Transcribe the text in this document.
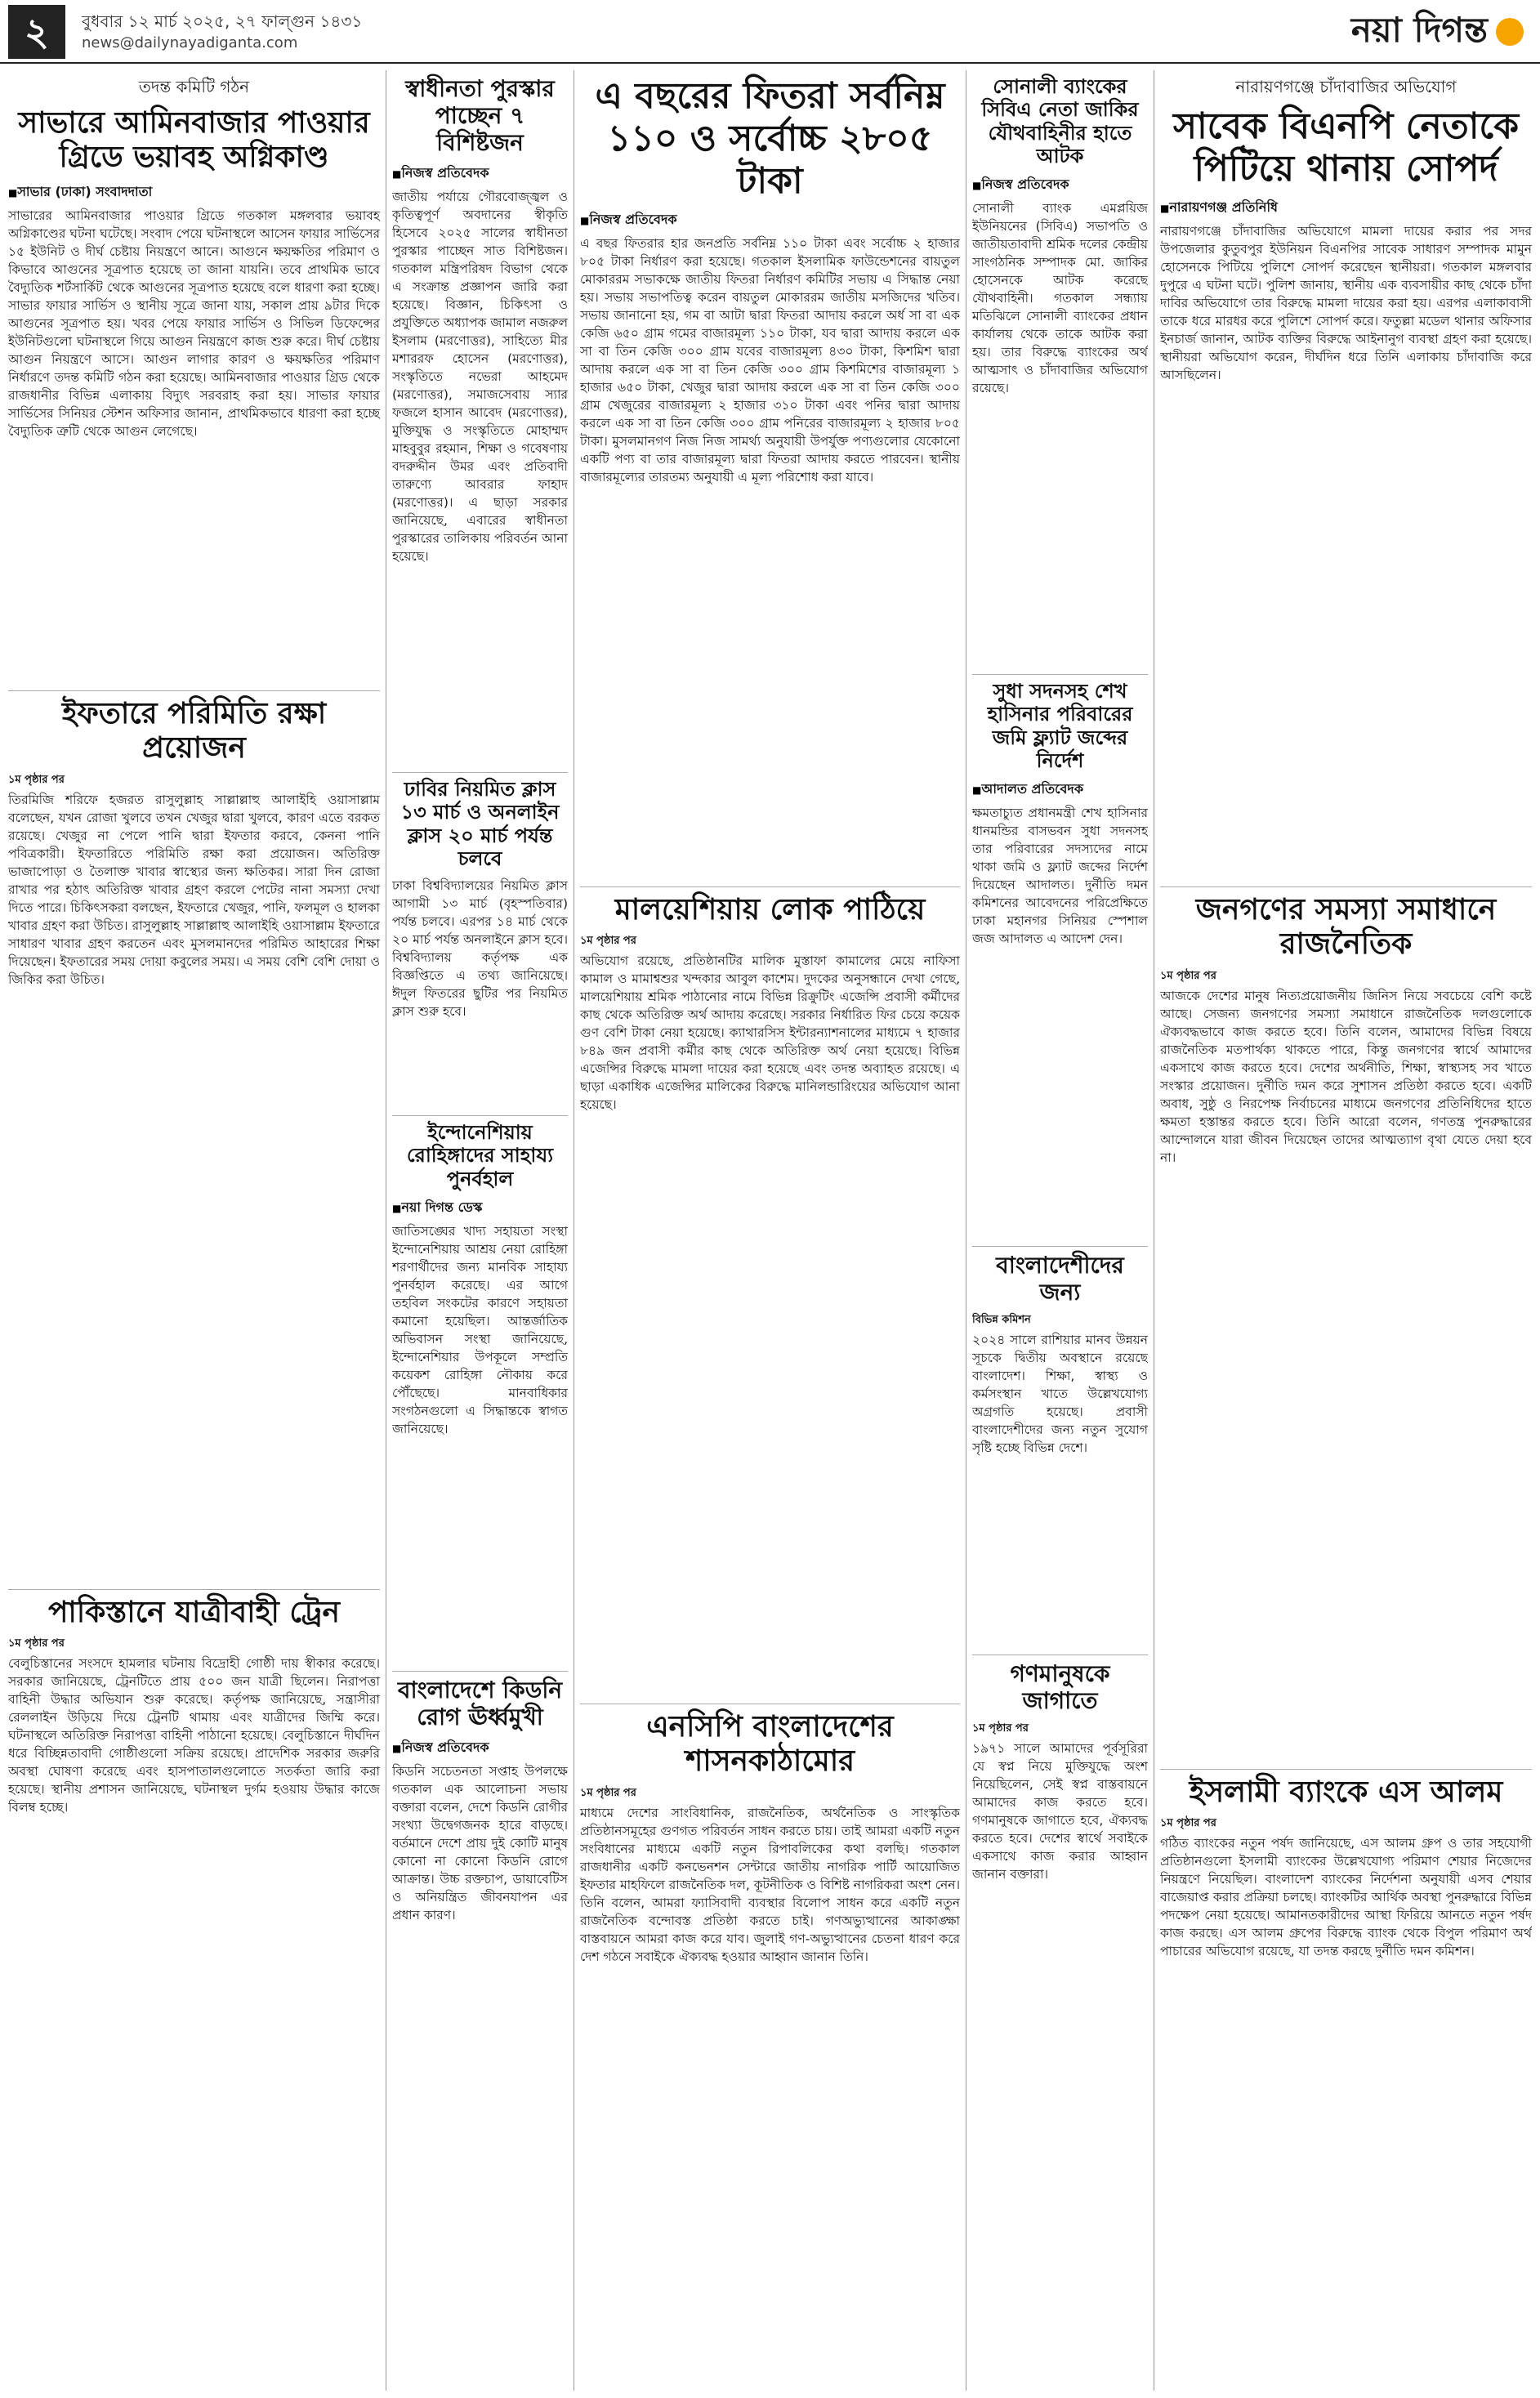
২	বুধবার ১২ মার্চ ২০২৫, ২৭ ফাল্গুন ১৪৩১
news@dailynayadiganta.com	নয়া দিগন্ত
তদন্ত কমিটি গঠন
সাভারে আমিনবাজার পাওয়ার গ্রিডে ভয়াবহ অগ্নিকাণ্ড
■ সাভার (ঢাকা) সংবাদদাতা
সাভারের আমিনবাজার পাওয়ার গ্রিডে গতকাল মঙ্গলবার ভয়াবহ অগ্নিকাণ্ডের ঘটনা ঘটেছে। সংবাদ পেয়ে ঘটনাস্থলে আসেন ফায়ার সার্ভিসের ১৫ ইউনিট ও দীর্ঘ চেষ্টায় নিয়ন্ত্রণে আনে। আগুনে ক্ষয়ক্ষতির পরিমাণ ও কিভাবে আগুনের সূত্রপাত হয়েছে তা জানা যায়নি। তবে প্রাথমিক ভাবে বৈদ্যুতিক শর্টসার্কিট থেকে আগুনের সূত্রপাত হয়েছে বলে ধারণা করা হচ্ছে। সাভার ফায়ার সার্ভিস ও স্থানীয় সূত্রে জানা যায়, সকাল প্রায় ৯টার দিকে আগুনের সূত্রপাত হয়। খবর পেয়ে ফায়ার সার্ভিস ও সিভিল ডিফেন্সের ইউনিটগুলো ঘটনাস্থলে গিয়ে আগুন নিয়ন্ত্রণে কাজ শুরু করে। দীর্ঘ চেষ্টায় আগুন নিয়ন্ত্রণে আসে। আগুন লাগার কারণ ও ক্ষয়ক্ষতির পরিমাণ নির্ধারণে তদন্ত কমিটি গঠন করা হয়েছে। আমিনবাজার পাওয়ার গ্রিড থেকে রাজধানীর বিভিন্ন এলাকায় বিদ্যুৎ সরবরাহ করা হয়। সাভার ফায়ার সার্ভিসের সিনিয়র স্টেশন অফিসার জানান, প্রাথমিকভাবে ধারণা করা হচ্ছে বৈদ্যুতিক ত্রুটি থেকে আগুন লেগেছে।
ইফতারে পরিমিতি রক্ষা প্রয়োজন
১ম পৃষ্ঠার পর
তিরমিজি শরিফে হজরত রাসুলুল্লাহ সাল্লাল্লাহু আলাইহি ওয়াসাল্লাম বলেছেন, যখন রোজা খুলবে তখন খেজুর দ্বারা খুলবে, কারণ এতে বরকত রয়েছে। খেজুর না পেলে পানি দ্বারা ইফতার করবে, কেননা পানি পবিত্রকারী। ইফতারিতে পরিমিতি রক্ষা করা প্রয়োজন। অতিরিক্ত ভাজাপোড়া ও তৈলাক্ত খাবার স্বাস্থ্যের জন্য ক্ষতিকর। সারা দিন রোজা রাখার পর হঠাৎ অতিরিক্ত খাবার গ্রহণ করলে পেটের নানা সমস্যা দেখা দিতে পারে। চিকিৎসকরা বলছেন, ইফতারে খেজুর, পানি, ফলমূল ও হালকা খাবার গ্রহণ করা উচিত। রাসুলুল্লাহ সাল্লাল্লাহু আলাইহি ওয়াসাল্লাম ইফতারে সাধারণ খাবার গ্রহণ করতেন এবং মুসলমানদের পরিমিত আহারের শিক্ষা দিয়েছেন। ইফতারের সময় দোয়া কবুলের সময়। এ সময় বেশি বেশি দোয়া ও জিকির করা উচিত।
পাকিস্তানে যাত্রীবাহী ট্রেন
১ম পৃষ্ঠার পর
বেলুচিস্তানের সংসদে হামলার ঘটনায় বিদ্রোহী গোষ্ঠী দায় স্বীকার করেছে। সরকার জানিয়েছে, ট্রেনটিতে প্রায় ৫০০ জন যাত্রী ছিলেন। নিরাপত্তা বাহিনী উদ্ধার অভিযান শুরু করেছে। কর্তৃপক্ষ জানিয়েছে, সন্ত্রাসীরা রেললাইন উড়িয়ে দিয়ে ট্রেনটি থামায় এবং যাত্রীদের জিম্মি করে। ঘটনাস্থলে অতিরিক্ত নিরাপত্তা বাহিনী পাঠানো হয়েছে। বেলুচিস্তানে দীর্ঘদিন ধরে বিচ্ছিন্নতাবাদী গোষ্ঠীগুলো সক্রিয় রয়েছে। প্রাদেশিক সরকার জরুরি অবস্থা ঘোষণা করেছে এবং হাসপাতালগুলোতে সতর্কতা জারি করা হয়েছে। স্থানীয় প্রশাসন জানিয়েছে, ঘটনাস্থল দুর্গম হওয়ায় উদ্ধার কাজে বিলম্ব হচ্ছে।
স্বাধীনতা পুরস্কার পাচ্ছেন ৭ বিশিষ্টজন
■ নিজস্ব প্রতিবেদক
জাতীয় পর্যায়ে গৌরবোজ্জ্বল ও কৃতিত্বপূর্ণ অবদানের স্বীকৃতি হিসেবে ২০২৫ সালের স্বাধীনতা পুরস্কার পাচ্ছেন সাত বিশিষ্টজন। গতকাল মন্ত্রিপরিষদ বিভাগ থেকে এ সংক্রান্ত প্রজ্ঞাপন জারি করা হয়েছে। বিজ্ঞান, চিকিৎসা ও প্রযুক্তিতে অধ্যাপক জামাল নজরুল ইসলাম (মরণোত্তর), সাহিত্যে মীর মশাররফ হোসেন (মরণোত্তর), সংস্কৃতিতে নভেরা আহমেদ (মরণোত্তর), সমাজসেবায় স্যার ফজলে হাসান আবেদ (মরণোত্তর), মুক্তিযুদ্ধ ও সংস্কৃতিতে মোহাম্মদ মাহবুবুর রহমান, শিক্ষা ও গবেষণায় বদরুদ্দীন উমর এবং প্রতিবাদী তারুণ্যে আবরার ফাহাদ (মরণোত্তর)। এ ছাড়া সরকার জানিয়েছে, এবারের স্বাধীনতা পুরস্কারের তালিকায় পরিবর্তন আনা হয়েছে।
ঢাবির নিয়মিত ক্লাস ১৩ মার্চ ও অনলাইন ক্লাস ২০ মার্চ পর্যন্ত চলবে
ঢাকা বিশ্ববিদ্যালয়ের নিয়মিত ক্লাস আগামী ১৩ মার্চ (বৃহস্পতিবার) পর্যন্ত চলবে। এরপর ১৪ মার্চ থেকে ২০ মার্চ পর্যন্ত অনলাইনে ক্লাস হবে। বিশ্ববিদ্যালয় কর্তৃপক্ষ এক বিজ্ঞপ্তিতে এ তথ্য জানিয়েছে। ঈদুল ফিতরের ছুটির পর নিয়মিত ক্লাস শুরু হবে।
ইন্দোনেশিয়ায় রোহিঙ্গাদের সাহায্য পুনর্বহাল
■ নয়া দিগন্ত ডেস্ক
জাতিসঙ্ঘের খাদ্য সহায়তা সংস্থা ইন্দোনেশিয়ায় আশ্রয় নেয়া রোহিঙ্গা শরণার্থীদের জন্য মানবিক সাহায্য পুনর্বহাল করেছে। এর আগে তহবিল সংকটের কারণে সহায়তা কমানো হয়েছিল। আন্তর্জাতিক অভিবাসন সংস্থা জানিয়েছে, ইন্দোনেশিয়ার উপকূলে সম্প্রতি কয়েকশ রোহিঙ্গা নৌকায় করে পৌঁছেছে। মানবাধিকার সংগঠনগুলো এ সিদ্ধান্তকে স্বাগত জানিয়েছে।
বাংলাদেশে কিডনি রোগ ঊর্ধ্বমুখী
■ নিজস্ব প্রতিবেদক
কিডনি সচেতনতা সপ্তাহ উপলক্ষে গতকাল এক আলোচনা সভায় বক্তারা বলেন, দেশে কিডনি রোগীর সংখ্যা উদ্বেগজনক হারে বাড়ছে। বর্তমানে দেশে প্রায় দুই কোটি মানুষ কোনো না কোনো কিডনি রোগে আক্রান্ত। উচ্চ রক্তচাপ, ডায়াবেটিস ও অনিয়ন্ত্রিত জীবনযাপন এর প্রধান কারণ।
এ বছরের ফিতরা সর্বনিম্ন ১১০ ও সর্বোচ্চ ২৮০৫ টাকা
■ নিজস্ব প্রতিবেদক
এ বছর ফিতরার হার জনপ্রতি সর্বনিম্ন ১১০ টাকা এবং সর্বোচ্চ ২ হাজার ৮০৫ টাকা নির্ধারণ করা হয়েছে। গতকাল ইসলামিক ফাউন্ডেশনের বায়তুল মোকাররম সভাকক্ষে জাতীয় ফিতরা নির্ধারণ কমিটির সভায় এ সিদ্ধান্ত নেয়া হয়। সভায় সভাপতিত্ব করেন বায়তুল মোকাররম জাতীয় মসজিদের খতিব। সভায় জানানো হয়, গম বা আটা দ্বারা ফিতরা আদায় করলে অর্ধ সা বা এক কেজি ৬৫০ গ্রাম গমের বাজারমূল্য ১১০ টাকা, যব দ্বারা আদায় করলে এক সা বা তিন কেজি ৩০০ গ্রাম যবের বাজারমূল্য ৪৩০ টাকা, কিশমিশ দ্বারা আদায় করলে এক সা বা তিন কেজি ৩০০ গ্রাম কিশমিশের বাজারমূল্য ১ হাজার ৬৫০ টাকা, খেজুর দ্বারা আদায় করলে এক সা বা তিন কেজি ৩০০ গ্রাম খেজুরের বাজারমূল্য ২ হাজার ৩১০ টাকা এবং পনির দ্বারা আদায় করলে এক সা বা তিন কেজি ৩০০ গ্রাম পনিরের বাজারমূল্য ২ হাজার ৮০৫ টাকা। মুসলমানগণ নিজ নিজ সামর্থ্য অনুযায়ী উপর্যুক্ত পণ্যগুলোর যেকোনো একটি পণ্য বা তার বাজারমূল্য দ্বারা ফিতরা আদায় করতে পারবেন। স্থানীয় বাজারমূল্যের তারতম্য অনুযায়ী এ মূল্য পরিশোধ করা যাবে।
মালয়েশিয়ায় লোক পাঠিয়ে
১ম পৃষ্ঠার পর
অভিযোগ রয়েছে, প্রতিষ্ঠানটির মালিক মুস্তাফা কামালের মেয়ে নাফিসা কামাল ও মামাশ্বশুর খন্দকার আবুল কাশেম। দুদকের অনুসন্ধানে দেখা গেছে, মালয়েশিয়ায় শ্রমিক পাঠানোর নামে বিভিন্ন রিক্রুটিং এজেন্সি প্রবাসী কর্মীদের কাছ থেকে অতিরিক্ত অর্থ আদায় করেছে। সরকার নির্ধারিত ফির চেয়ে কয়েক গুণ বেশি টাকা নেয়া হয়েছে। ক্যাথারসিস ইন্টারন্যাশনালের মাধ্যমে ৭ হাজার ৮৪৯ জন প্রবাসী কর্মীর কাছ থেকে অতিরিক্ত অর্থ নেয়া হয়েছে। বিভিন্ন এজেন্সির বিরুদ্ধে মামলা দায়ের করা হয়েছে এবং তদন্ত অব্যাহত রয়েছে। এ ছাড়া একাধিক এজেন্সির মালিকের বিরুদ্ধে মানিলন্ডারিংয়ের অভিযোগ আনা হয়েছে।
এনসিপি বাংলাদেশের শাসনকাঠামোর
১ম পৃষ্ঠার পর
মাধ্যমে দেশের সাংবিধানিক, রাজনৈতিক, অর্থনৈতিক ও সাংস্কৃতিক প্রতিষ্ঠানসমূহের গুণগত পরিবর্তন সাধন করতে চায়। তাই আমরা একটি নতুন সংবিধানের মাধ্যমে একটি নতুন রিপাবলিকের কথা বলছি। গতকাল রাজধানীর একটি কনভেনশন সেন্টারে জাতীয় নাগরিক পার্টি আয়োজিত ইফতার মাহফিলে রাজনৈতিক দল, কূটনীতিক ও বিশিষ্ট নাগরিকরা অংশ নেন। তিনি বলেন, আমরা ফ্যাসিবাদী ব্যবস্থার বিলোপ সাধন করে একটি নতুন রাজনৈতিক বন্দোবস্ত প্রতিষ্ঠা করতে চাই। গণঅভ্যুত্থানের আকাঙ্ক্ষা বাস্তবায়নে আমরা কাজ করে যাব। জুলাই গণ-অভ্যুত্থানের চেতনা ধারণ করে দেশ গঠনে সবাইকে ঐক্যবদ্ধ হওয়ার আহ্বান জানান তিনি।
সোনালী ব্যাংকের সিবিএ নেতা জাকির যৌথবাহিনীর হাতে আটক
■ নিজস্ব প্রতিবেদক
সোনালী ব্যাংক এমপ্লয়িজ ইউনিয়নের (সিবিএ) সভাপতি ও জাতীয়তাবাদী শ্রমিক দলের কেন্দ্রীয় সাংগঠনিক সম্পাদক মো. জাকির হোসেনকে আটক করেছে যৌথবাহিনী। গতকাল সন্ধ্যায় মতিঝিলে সোনালী ব্যাংকের প্রধান কার্যালয় থেকে তাকে আটক করা হয়। তার বিরুদ্ধে ব্যাংকের অর্থ আত্মসাৎ ও চাঁদাবাজির অভিযোগ রয়েছে।
সুধা সদনসহ শেখ হাসিনার পরিবারের জমি ফ্ল্যাট জব্দের নির্দেশ
■ আদালত প্রতিবেদক
ক্ষমতাচ্যুত প্রধানমন্ত্রী শেখ হাসিনার ধানমন্ডির বাসভবন সুধা সদনসহ তার পরিবারের সদস্যদের নামে থাকা জমি ও ফ্ল্যাট জব্দের নির্দেশ দিয়েছেন আদালত। দুর্নীতি দমন কমিশনের আবেদনের পরিপ্রেক্ষিতে ঢাকা মহানগর সিনিয়র স্পেশাল জজ আদালত এ আদেশ দেন।
বাংলাদেশীদের জন্য
বিভিন্ন কমিশন
২০২৪ সালে রাশিয়ার মানব উন্নয়ন সূচকে দ্বিতীয় অবস্থানে রয়েছে বাংলাদেশ। শিক্ষা, স্বাস্থ্য ও কর্মসংস্থান খাতে উল্লেখযোগ্য অগ্রগতি হয়েছে। প্রবাসী বাংলাদেশীদের জন্য নতুন সুযোগ সৃষ্টি হচ্ছে বিভিন্ন দেশে।
গণমানুষকে জাগাতে
১ম পৃষ্ঠার পর
১৯৭১ সালে আমাদের পূর্বসূরিরা যে স্বপ্ন নিয়ে মুক্তিযুদ্ধে অংশ নিয়েছিলেন, সেই স্বপ্ন বাস্তবায়নে আমাদের কাজ করতে হবে। গণমানুষকে জাগাতে হবে, ঐক্যবদ্ধ করতে হবে। দেশের স্বার্থে সবাইকে একসাথে কাজ করার আহ্বান জানান বক্তারা।
নারায়ণগঞ্জে চাঁদাবাজির অভিযোগ
সাবেক বিএনপি নেতাকে পিটিয়ে থানায় সোপর্দ
■ নারায়ণগঞ্জ প্রতিনিধি
নারায়ণগঞ্জে চাঁদাবাজির অভিযোগে মামলা দায়ের করার পর সদর উপজেলার কুতুবপুর ইউনিয়ন বিএনপির সাবেক সাধারণ সম্পাদক মামুন হোসেনকে পিটিয়ে পুলিশে সোপর্দ করেছেন স্থানীয়রা। গতকাল মঙ্গলবার দুপুরে এ ঘটনা ঘটে। পুলিশ জানায়, স্থানীয় এক ব্যবসায়ীর কাছ থেকে চাঁদা দাবির অভিযোগে তার বিরুদ্ধে মামলা দায়ের করা হয়। এরপর এলাকাবাসী তাকে ধরে মারধর করে পুলিশে সোপর্দ করে। ফতুল্লা মডেল থানার অফিসার ইনচার্জ জানান, আটক ব্যক্তির বিরুদ্ধে আইনানুগ ব্যবস্থা গ্রহণ করা হয়েছে। স্থানীয়রা অভিযোগ করেন, দীর্ঘদিন ধরে তিনি এলাকায় চাঁদাবাজি করে আসছিলেন।
জনগণের সমস্যা সমাধানে রাজনৈতিক
১ম পৃষ্ঠার পর
আজকে দেশের মানুষ নিত্যপ্রয়োজনীয় জিনিস নিয়ে সবচেয়ে বেশি কষ্টে আছে। সেজন্য জনগণের সমস্যা সমাধানে রাজনৈতিক দলগুলোকে ঐক্যবদ্ধভাবে কাজ করতে হবে। তিনি বলেন, আমাদের বিভিন্ন বিষয়ে রাজনৈতিক মতপার্থক্য থাকতে পারে, কিন্তু জনগণের স্বার্থে আমাদের একসাথে কাজ করতে হবে। দেশের অর্থনীতি, শিক্ষা, স্বাস্থ্যসহ সব খাতে সংস্কার প্রয়োজন। দুর্নীতি দমন করে সুশাসন প্রতিষ্ঠা করতে হবে। একটি অবাধ, সুষ্ঠু ও নিরপেক্ষ নির্বাচনের মাধ্যমে জনগণের প্রতিনিধিদের হাতে ক্ষমতা হস্তান্তর করতে হবে। তিনি আরো বলেন, গণতন্ত্র পুনরুদ্ধারের আন্দোলনে যারা জীবন দিয়েছেন তাদের আত্মত্যাগ বৃথা যেতে দেয়া হবে না।
ইসলামী ব্যাংকে এস আলম
১ম পৃষ্ঠার পর
গঠিত ব্যাংকের নতুন পর্ষদ জানিয়েছে, এস আলম গ্রুপ ও তার সহযোগী প্রতিষ্ঠানগুলো ইসলামী ব্যাংকের উল্লেখযোগ্য পরিমাণ শেয়ার নিজেদের নিয়ন্ত্রণে নিয়েছিল। বাংলাদেশ ব্যাংকের নির্দেশনা অনুযায়ী এসব শেয়ার বাজেয়াপ্ত করার প্রক্রিয়া চলছে। ব্যাংকটির আর্থিক অবস্থা পুনরুদ্ধারে বিভিন্ন পদক্ষেপ নেয়া হয়েছে। আমানতকারীদের আস্থা ফিরিয়ে আনতে নতুন পর্ষদ কাজ করছে। এস আলম গ্রুপের বিরুদ্ধে ব্যাংক থেকে বিপুল পরিমাণ অর্থ পাচারের অভিযোগ রয়েছে, যা তদন্ত করছে দুর্নীতি দমন কমিশন।
